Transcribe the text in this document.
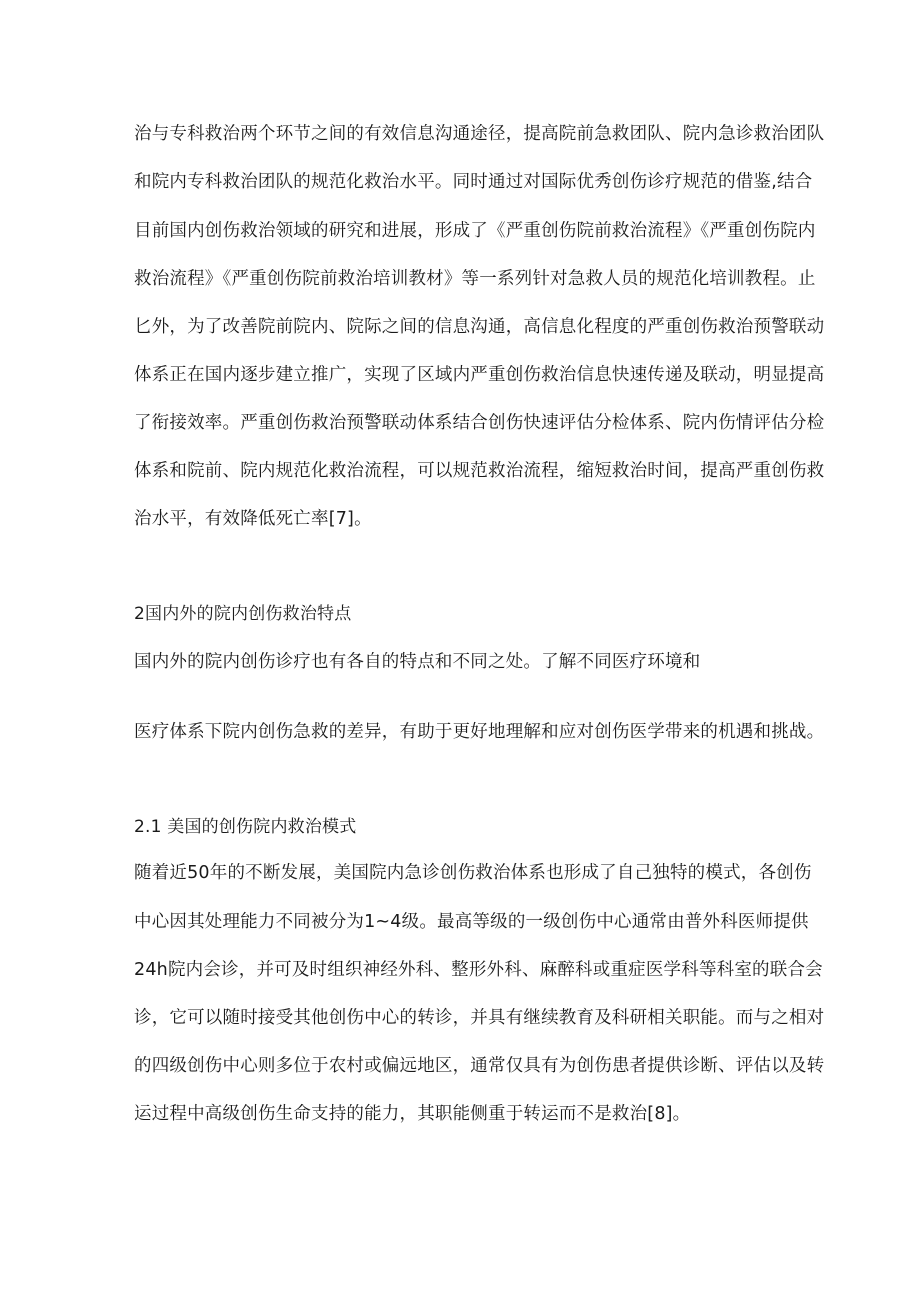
治与专科救治两个环节之间的有效信息沟通途径，提高院前急救团队、院内急诊救治团队
和院内专科救治团队的规范化救治水平。同时通过对国际优秀创伤诊疗规范的借鉴,结合
目前国内创伤救治领域的研究和进展，形成了《严重创伤院前救治流程》《严重创伤院内
救治流程》《严重创伤院前救治培训教材》等一系列针对急救人员的规范化培训教程。止
匕外，为了改善院前院内、院际之间的信息沟通，高信息化程度的严重创伤救治预警联动
体系正在国内逐步建立推广，实现了区域内严重创伤救治信息快速传递及联动，明显提高
了衔接效率。严重创伤救治预警联动体系结合创伤快速评估分检体系、院内伤情评估分检
体系和院前、院内规范化救治流程，可以规范救治流程，缩短救治时间，提高严重创伤救
治水平，有效降低死亡率[7]。
2国内外的院内创伤救治特点
国内外的院内创伤诊疗也有各自的特点和不同之处。了解不同医疗环境和
医疗体系下院内创伤急救的差异，有助于更好地理解和应对创伤医学带来的机遇和挑战。
2.1 美国的创伤院内救治模式
随着近50年的不断发展，美国院内急诊创伤救治体系也形成了自己独特的模式，各创伤
中心因其处理能力不同被分为1~4级。最高等级的一级创伤中心通常由普外科医师提供
24h院内会诊，并可及时组织神经外科、整形外科、麻醉科或重症医学科等科室的联合会
诊，它可以随时接受其他创伤中心的转诊，并具有继续教育及科研相关职能。而与之相对
的四级创伤中心则多位于农村或偏远地区，通常仅具有为创伤患者提供诊断、评估以及转
运过程中高级创伤生命支持的能力，其职能侧重于转运而不是救治[8]。
